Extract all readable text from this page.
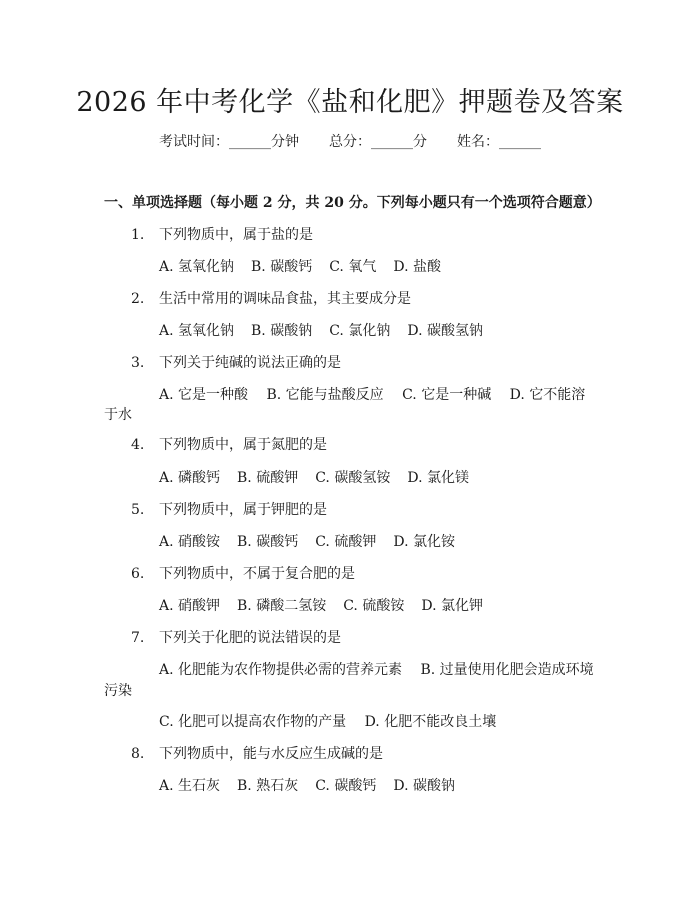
2026 年中考化学《盐和化肥》押题卷及答案
考试时间：______分钟 总分：______分 姓名：______
一、单项选择题（每小题 2 分，共 20 分。下列每小题只有一个选项符合题意）
1. 下列物质中，属于盐的是
A. 氢氧化钠 B. 碳酸钙 C. 氧气 D. 盐酸
2. 生活中常用的调味品食盐，其主要成分是
A. 氢氧化钠 B. 碳酸钠 C. 氯化钠 D. 碳酸氢钠
3. 下列关于纯碱的说法正确的是
A. 它是一种酸　 B. 它能与盐酸反应　 C. 它是一种碱　 D. 它不能溶
于水
4. 下列物质中，属于氮肥的是
A. 磷酸钙 B. 硫酸钾 C. 碳酸氢铵 D. 氯化镁
5. 下列物质中，属于钾肥的是
A. 硝酸铵 B. 碳酸钙 C. 硫酸钾 D. 氯化铵
6. 下列物质中，不属于复合肥的是
A. 硝酸钾 B. 磷酸二氢铵 C. 硫酸铵 D. 氯化钾
7. 下列关于化肥的说法错误的是
A. 化肥能为农作物提供必需的营养元素　 B. 过量使用化肥会造成环境
污染
C. 化肥可以提高农作物的产量　 D. 化肥不能改良土壤
8. 下列物质中，能与水反应生成碱的是
A. 生石灰 B. 熟石灰 C. 碳酸钙 D. 碳酸钠
